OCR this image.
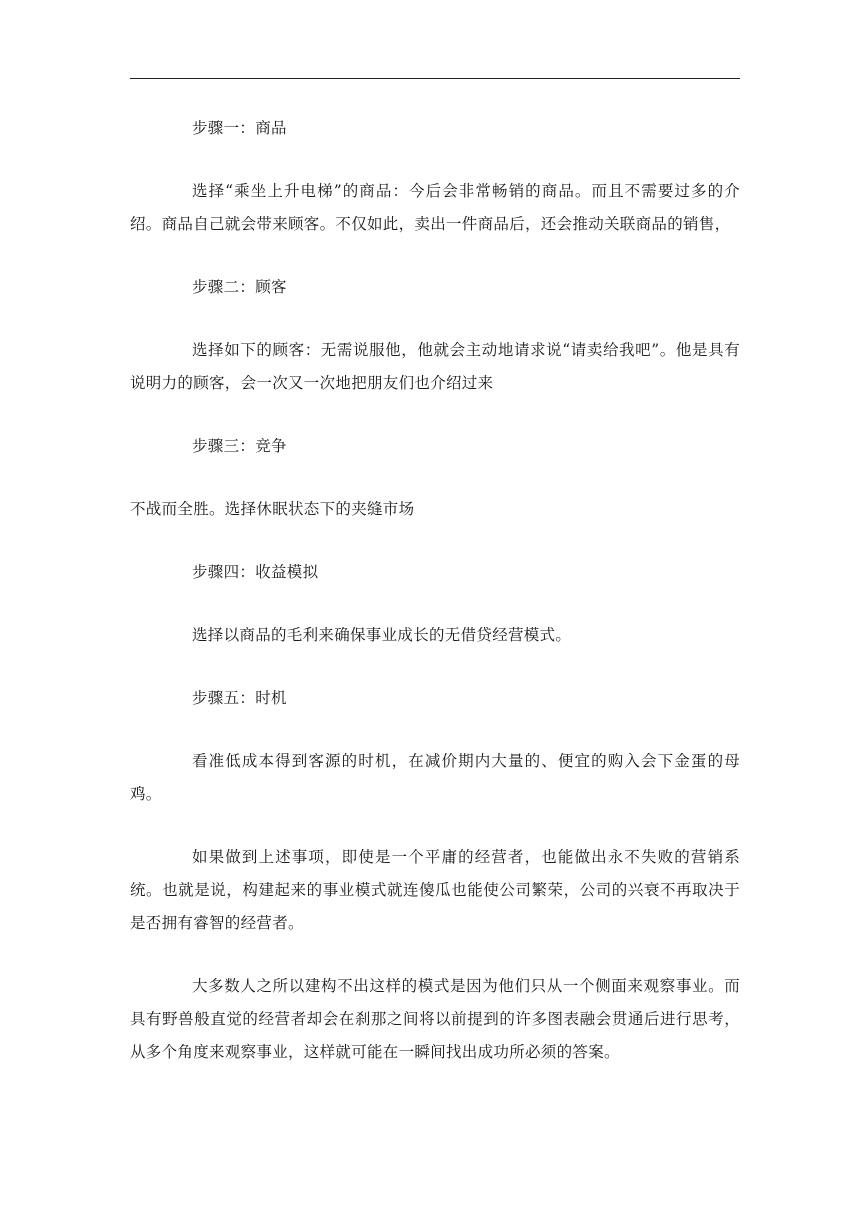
步骤一：商品

选择“乘坐上升电梯”的商品：今后会非常畅销的商品。而且不需要过多的介绍。商品自己就会带来顾客。不仅如此，卖出一件商品后，还会推动关联商品的销售，

步骤二：顾客

选择如下的顾客：无需说服他，他就会主动地请求说“请卖给我吧”。他是具有说明力的顾客，会一次又一次地把朋友们也介绍过来

步骤三：竞争

不战而全胜。选择休眠状态下的夹缝市场

步骤四：收益模拟

选择以商品的毛利来确保事业成长的无借贷经营模式。

步骤五：时机

看准低成本得到客源的时机，在减价期内大量的、便宜的购入会下金蛋的母鸡。

如果做到上述事项，即使是一个平庸的经营者，也能做出永不失败的营销系统。也就是说，构建起来的事业模式就连傻瓜也能使公司繁荣，公司的兴衰不再取决于是否拥有睿智的经营者。

大多数人之所以建构不出这样的模式是因为他们只从一个侧面来观察事业。而具有野兽般直觉的经营者却会在刹那之间将以前提到的许多图表融会贯通后进行思考，从多个角度来观察事业，这样就可能在一瞬间找出成功所必须的答案。
